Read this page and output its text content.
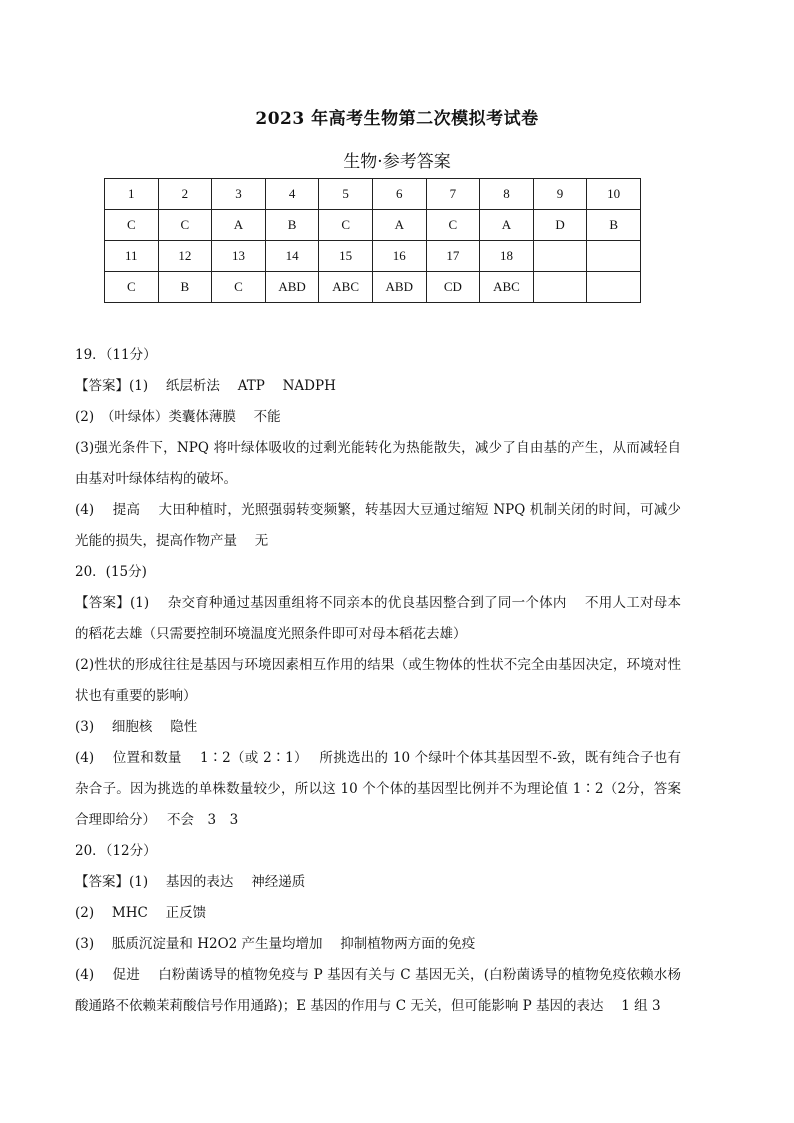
2023 年高考生物第二次模拟考试卷
生物·参考答案
1	2	3	4	5	6	7	8	9	10
C	C	A	B	C	A	C	A	D	B
11	12	13	14	15	16	17	18		
C	B	C	ABD	ABC	ABD	CD	ABC		

19．（11分）

【答案】(1)　 纸层析法　 ATP　 NADPH

(2)　（叶绿体）类囊体薄膜　 不能

(3)强光条件下，NPQ 将叶绿体吸收的过剩光能转化为热能散失，减少了自由基的产生，从而减轻自由基对叶绿体结构的破坏。

(4)　 提高　 大田种植时，光照强弱转变频繁，转基因大豆通过缩短 NPQ 机制关闭的时间，可减少光能的损失，提高作物产量　 无

20．(15分)

【答案】(1)　 杂交育种通过基因重组将不同亲本的优良基因整合到了同一个体内　 不用人工对母本的稻花去雄（只需要控制环境温度光照条件即可对母本稻花去雄）

(2)性状的形成往往是基因与环境因素相互作用的结果（或生物体的性状不完全由基因决定，环境对性状也有重要的影响）

(3)　 细胞核　 隐性

(4)　 位置和数量　 1∶2（或 2∶1）　 所挑选出的 10 个绿叶个体其基因型不-致，既有纯合子也有杂合子。因为挑选的单株数量较少，所以这 10 个个体的基因型比例并不为理论值 1∶2（2分，答案合理即给分）　 不会　3　3

20．（12分）

【答案】(1)　 基因的表达　 神经递质

(2)　 MHC　 正反馈

(3)　 胝质沉淀量和 H2O2 产生量均增加　 抑制植物两方面的免疫

(4)　 促进　 白粉菌诱导的植物免疫与 P 基因有关与 C 基因无关，(白粉菌诱导的植物免疫依赖水杨酸通路不依赖茉莉酸信号作用通路)；E 基因的作用与 C 无关，但可能影响 P 基因的表达　 1 组 3
